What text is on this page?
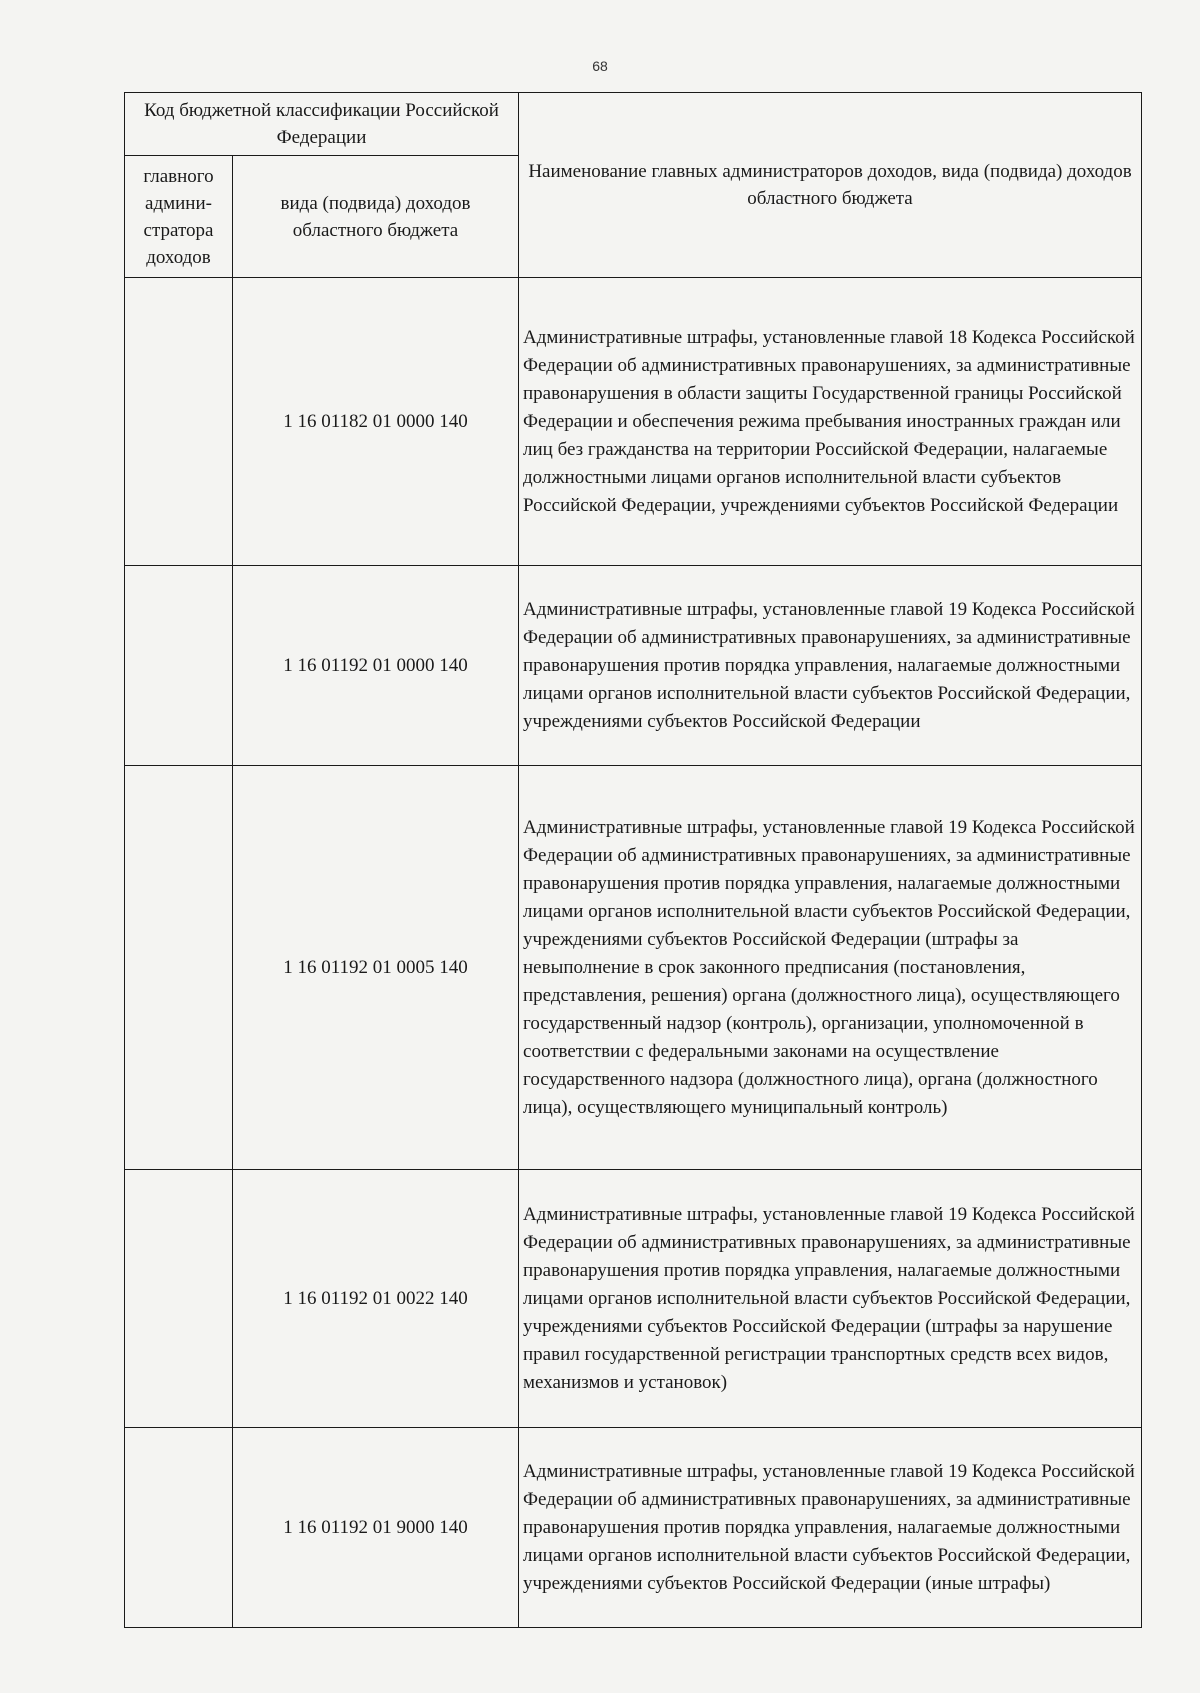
68
Код бюджетной классификации Российской Федерации		Наименование главных администраторов доходов, вида (подвида) доходов областного бюджета
главного админи-стратора доходов	вида (подвида) доходов областного бюджета	
	1 16 01182 01 0000 140	Административные штрафы, установленные главой 18 Кодекса Российской Федерации об административных правонарушениях, за административные правонарушения в области защиты Государственной границы Российской Федерации и обеспечения режима пребывания иностранных граждан или лиц без гражданства на территории Российской Федерации, налагаемые должностными лицами органов исполнительной власти субъектов Российской Федерации, учреждениями субъектов Российской Федерации
	1 16 01192 01 0000 140	Административные штрафы, установленные главой 19 Кодекса Российской Федерации об административных правонарушениях, за административные правонарушения против порядка управления, налагаемые должностными лицами органов исполнительной власти субъектов Российской Федерации, учреждениями субъектов Российской Федерации
	1 16 01192 01 0005 140	Административные штрафы, установленные главой 19 Кодекса Российской Федерации об административных правонарушениях, за административные правонарушения против порядка управления, налагаемые должностными лицами органов исполнительной власти субъектов Российской Федерации, учреждениями субъектов Российской Федерации (штрафы за невыполнение в срок законного предписания (постановления, представления, решения) органа (должностного лица), осуществляющего государственный надзор (контроль), организации, уполномоченной в соответствии с федеральными законами на осуществление государственного надзора (должностного лица), органа (должностного лица), осуществляющего муниципальный контроль)
	1 16 01192 01 0022 140	Административные штрафы, установленные главой 19 Кодекса Российской Федерации об административных правонарушениях, за административные правонарушения против порядка управления, налагаемые должностными лицами органов исполнительной власти субъектов Российской Федерации, учреждениями субъектов Российской Федерации (штрафы за нарушение правил государственной регистрации транспортных средств всех видов, механизмов и установок)
	1 16 01192 01 9000 140	Административные штрафы, установленные главой 19 Кодекса Российской Федерации об административных правонарушениях, за административные правонарушения против порядка управления, налагаемые должностными лицами органов исполнительной власти субъектов Российской Федерации, учреждениями субъектов Российской Федерации (иные штрафы)
